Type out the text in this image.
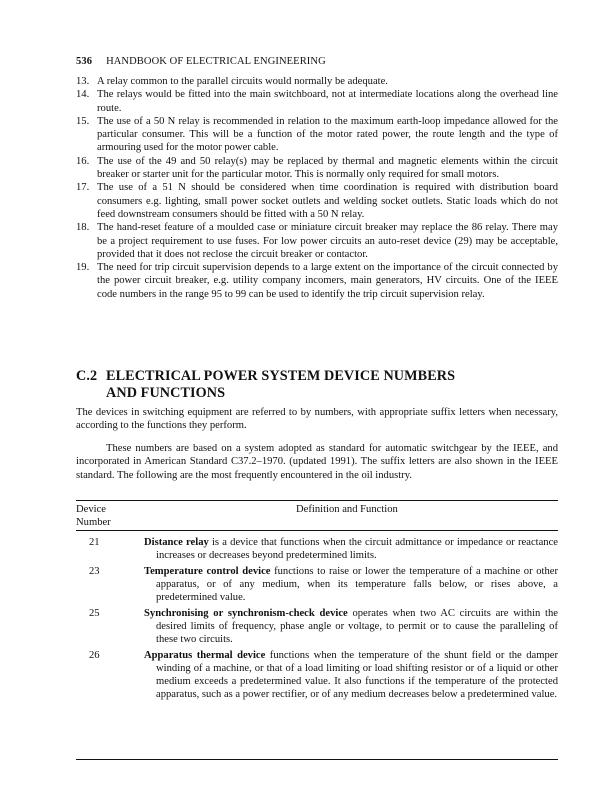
536 HANDBOOK OF ELECTRICAL ENGINEERING
13. A relay common to the parallel circuits would normally be adequate.
14. The relays would be fitted into the main switchboard, not at intermediate locations along the overhead line route.
15. The use of a 50 N relay is recommended in relation to the maximum earth-loop impedance allowed for the particular consumer. This will be a function of the motor rated power, the route length and the type of armouring used for the motor power cable.
16. The use of the 49 and 50 relay(s) may be replaced by thermal and magnetic elements within the circuit breaker or starter unit for the particular motor. This is normally only required for small motors.
17. The use of a 51 N should be considered when time coordination is required with distribution board consumers e.g. lighting, small power socket outlets and welding socket outlets. Static loads which do not feed downstream consumers should be fitted with a 50 N relay.
18. The hand-reset feature of a moulded case or miniature circuit breaker may replace the 86 relay. There may be a project requirement to use fuses. For low power circuits an auto-reset device (29) may be acceptable, provided that it does not reclose the circuit breaker or contactor.
19. The need for trip circuit supervision depends to a large extent on the importance of the circuit connected by the power circuit breaker, e.g. utility company incomers, main generators, HV circuits. One of the IEEE code numbers in the range 95 to 99 can be used to identify the trip circuit supervision relay.
C.2 ELECTRICAL POWER SYSTEM DEVICE NUMBERS
AND FUNCTIONS

The devices in switching equipment are referred to by numbers, with appropriate suffix letters when necessary, according to the functions they perform.

These numbers are based on a system adopted as standard for automatic switchgear by the IEEE, and incorporated in American Standard C37.2–1970. (updated 1991). The suffix letters are also shown in the IEEE standard. The following are the most frequently encountered in the oil industry.

Device
Number
Definition and Function
21	Distance relay is a device that functions when the circuit admittance or impedance or reactance increases or decreases beyond predetermined limits.
23	Temperature control device functions to raise or lower the temperature of a machine or other apparatus, or of any medium, when its temperature falls below, or rises above, a predetermined value.
25	Synchronising or synchronism-check device operates when two AC circuits are within the desired limits of frequency, phase angle or voltage, to permit or to cause the paralleling of these two circuits.
26	Apparatus thermal device functions when the temperature of the shunt field or the damper winding of a machine, or that of a load limiting or load shifting resistor or of a liquid or other medium exceeds a predetermined value. It also functions if the temperature of the protected apparatus, such as a power rectifier, or of any medium decreases below a predetermined value.
